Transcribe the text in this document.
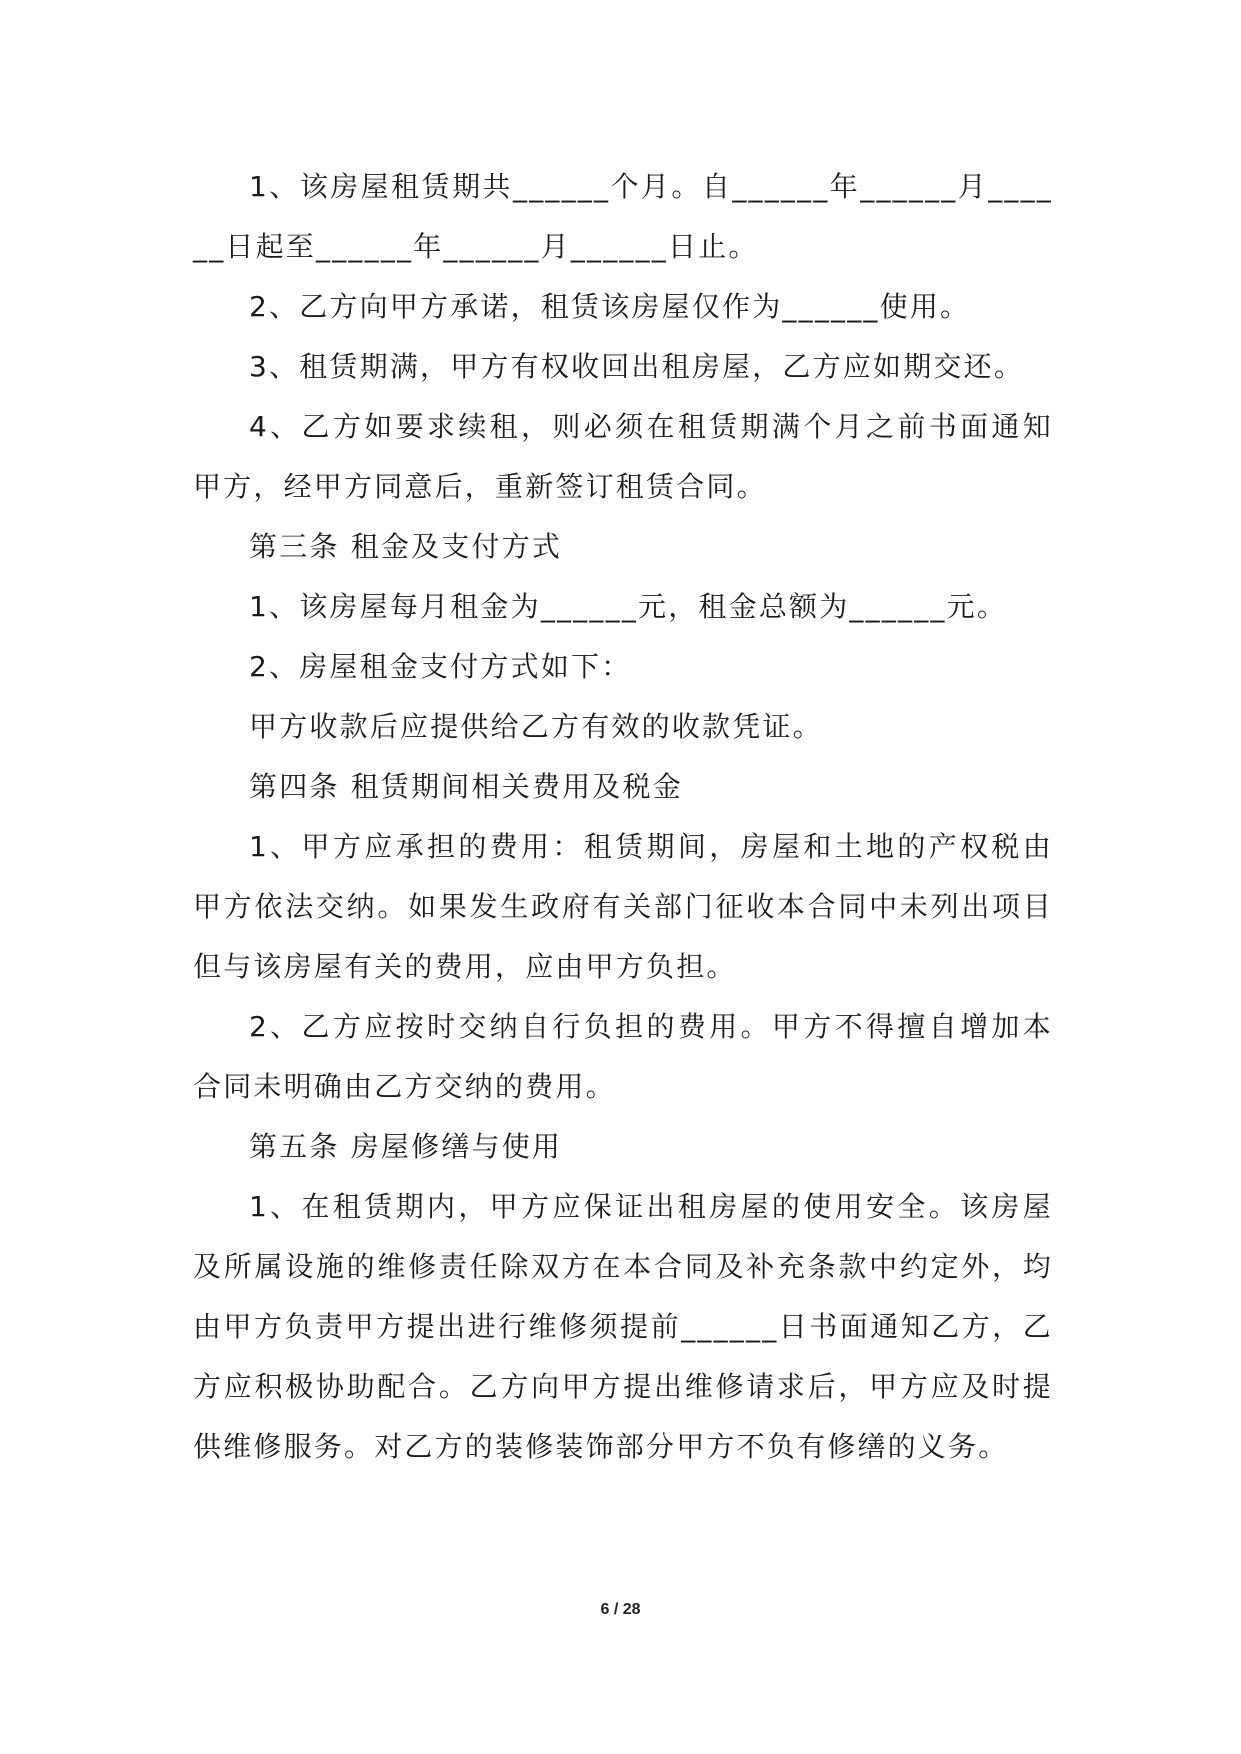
1、该房屋租赁期共______个月。自______年______月______日起至______年______月______日止。

2、乙方向甲方承诺，租赁该房屋仅作为______使用。

3、租赁期满，甲方有权收回出租房屋，乙方应如期交还。

4、乙方如要求续租，则必须在租赁期满个月之前书面通知甲方，经甲方同意后，重新签订租赁合同。

第三条 租金及支付方式

1、该房屋每月租金为______元，租金总额为______元。

2、房屋租金支付方式如下：

甲方收款后应提供给乙方有效的收款凭证。

第四条 租赁期间相关费用及税金

1、甲方应承担的费用：租赁期间，房屋和土地的产权税由甲方依法交纳。如果发生政府有关部门征收本合同中未列出项目但与该房屋有关的费用，应由甲方负担。

2、乙方应按时交纳自行负担的费用。甲方不得擅自增加本合同未明确由乙方交纳的费用。

第五条 房屋修缮与使用

1、在租赁期内，甲方应保证出租房屋的使用安全。该房屋及所属设施的维修责任除双方在本合同及补充条款中约定外，均由甲方负责甲方提出进行维修须提前______日书面通知乙方，乙方应积极协助配合。乙方向甲方提出维修请求后，甲方应及时提供维修服务。对乙方的装修装饰部分甲方不负有修缮的义务。

6 / 28
